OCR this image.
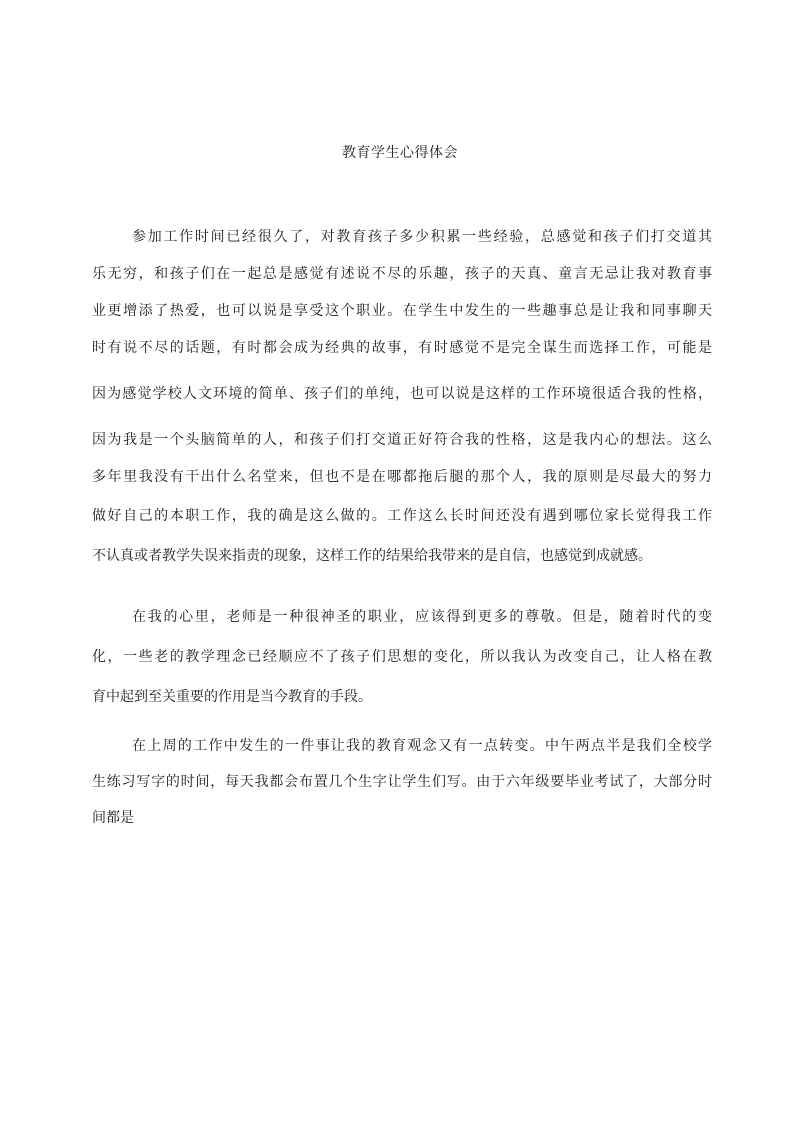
教育学生心得体会

参加工作时间已经很久了，对教育孩子多少积累一些经验，总感觉和孩子们打交道其

乐无穷，和孩子们在一起总是感觉有述说不尽的乐趣，孩子的天真、童言无忌让我对教育事

业更增添了热爱，也可以说是享受这个职业。在学生中发生的一些趣事总是让我和同事聊天

时有说不尽的话题，有时都会成为经典的故事，有时感觉不是完全谋生而选择工作，可能是

因为感觉学校人文环境的简单、孩子们的单纯，也可以说是这样的工作环境很适合我的性格，

因为我是一个头脑简单的人，和孩子们打交道正好符合我的性格，这是我内心的想法。这么

多年里我没有干出什么名堂来，但也不是在哪都拖后腿的那个人，我的原则是尽最大的努力

做好自己的本职工作，我的确是这么做的。工作这么长时间还没有遇到哪位家长觉得我工作

不认真或者教学失误来指责的现象，这样工作的结果给我带来的是自信，也感觉到成就感。

在我的心里，老师是一种很神圣的职业，应该得到更多的尊敬。但是，随着时代的变

化，一些老的教学理念已经顺应不了孩子们思想的变化，所以我认为改变自己，让人格在教

育中起到至关重要的作用是当今教育的手段。

在上周的工作中发生的一件事让我的教育观念又有一点转变。中午两点半是我们全校学

生练习写字的时间，每天我都会布置几个生字让学生们写。由于六年级要毕业考试了，大部分时

间都是
